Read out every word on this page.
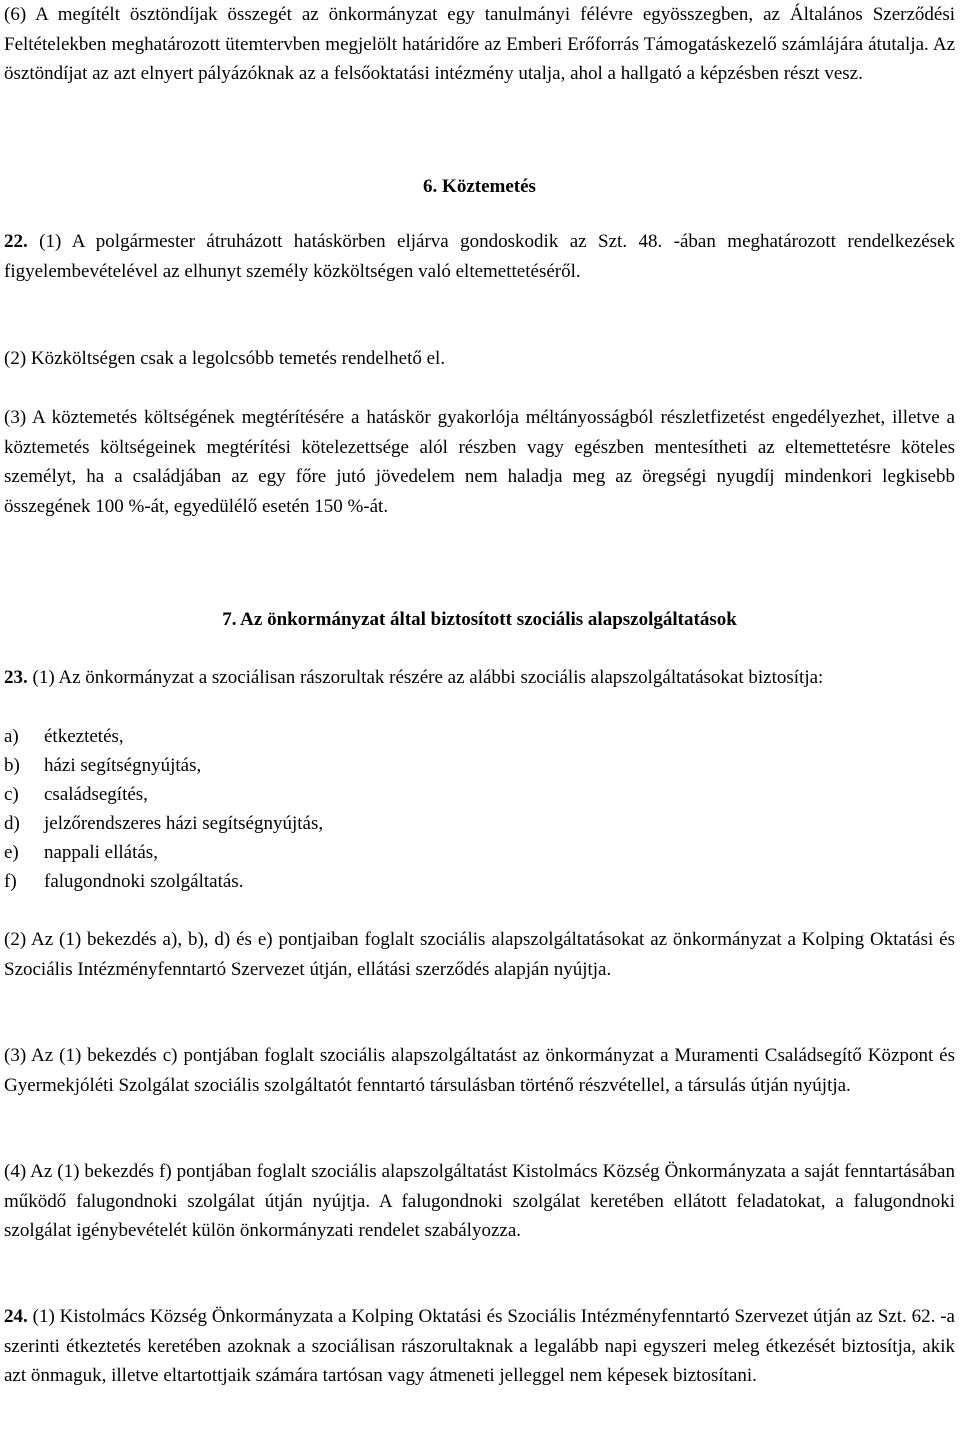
(6) A megítélt ösztöndíjak összegét az önkormányzat egy tanulmányi félévre egyösszegben, az Általános Szerződési Feltételekben meghatározott ütemtervben megjelölt határidőre az Emberi Erőforrás Támogatáskezelő számlájára átutalja. Az ösztöndíjat az azt elnyert pályázóknak az a felsőoktatási intézmény utalja, ahol a hallgató a képzésben részt vesz.

6. Köztemetés

22. (1) A polgármester átruházott hatáskörben eljárva gondoskodik az Szt. 48. -ában meghatározott rendelkezések figyelembevételével az elhunyt személy közköltségen való eltemettetéséről.

(2) Közköltségen csak a legolcsóbb temetés rendelhető el.

(3) A köztemetés költségének megtérítésére a hatáskör gyakorlója méltányosságból részletfizetést engedélyezhet, illetve a köztemetés költségeinek megtérítési kötelezettsége alól részben vagy egészben mentesítheti az eltemettetésre köteles személyt, ha a családjában az egy főre jutó jövedelem nem haladja meg az öregségi nyugdíj mindenkori legkisebb összegének 100 %-át, egyedülélő esetén 150 %-át.

7. Az önkormányzat által biztosított szociális alapszolgáltatások

23. (1) Az önkormányzat a szociálisan rászorultak részére az alábbi szociális alapszolgáltatásokat biztosítja:

a) étkeztetés,
b) házi segítségnyújtás,
c) családsegítés,
d) jelzőrendszeres házi segítségnyújtás,
e) nappali ellátás,
f) falugondnoki szolgáltatás.

(2) Az (1) bekezdés a), b), d) és e) pontjaiban foglalt szociális alapszolgáltatásokat az önkormányzat a Kolping Oktatási és Szociális Intézményfenntartó Szervezet útján, ellátási szerződés alapján nyújtja.

(3) Az (1) bekezdés c) pontjában foglalt szociális alapszolgáltatást az önkormányzat a Muramenti Családsegítő Központ és Gyermekjóléti Szolgálat szociális szolgáltatót fenntartó társulásban történő részvétellel, a társulás útján nyújtja.

(4) Az (1) bekezdés f) pontjában foglalt szociális alapszolgáltatást Kistolmács Község Önkormányzata a saját fenntartásában működő falugondnoki szolgálat útján nyújtja. A falugondnoki szolgálat keretében ellátott feladatokat, a falugondnoki szolgálat igénybevételét külön önkormányzati rendelet szabályozza.

24. (1) Kistolmács Község Önkormányzata a Kolping Oktatási és Szociális Intézményfenntartó Szervezet útján az Szt. 62. -a szerinti étkeztetés keretében azoknak a szociálisan rászorultaknak a legalább napi egyszeri meleg étkezését biztosítja, akik azt önmaguk, illetve eltartottjaik számára tartósan vagy átmeneti jelleggel nem képesek biztosítani.
